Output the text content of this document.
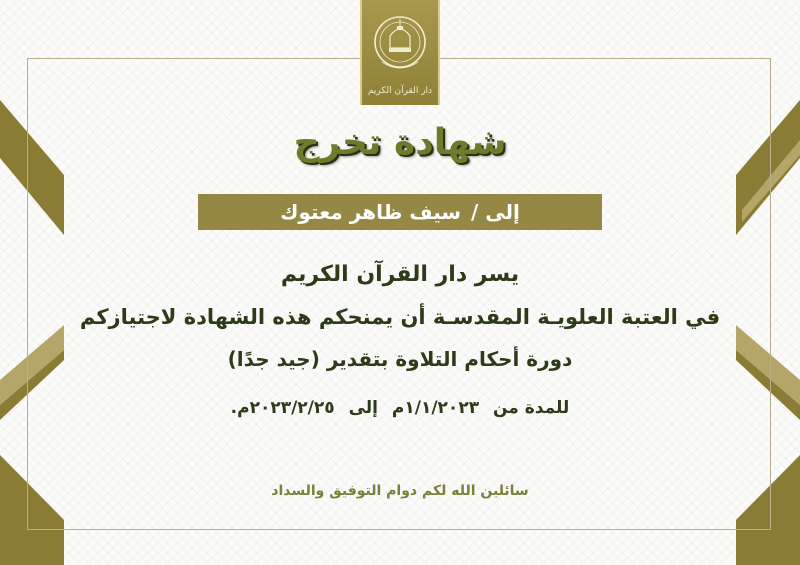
دار القرآن الكريم
شهادة تخرج
إلى /
سيف ظاهر معتوك
يسر دار القرآن الكريم
في العتبة العلويـة المقدسـة أن يمنحكم هذه الشهادة لاجتيازكم
دورة أحكام التلاوة بتقدير (جيد جدًا)
للمدة من ١/١/٢٠٢٣م إلى ٢٠٢٣/٢/٢٥م.
سائلين الله لكم دوام التوفيق والسداد
